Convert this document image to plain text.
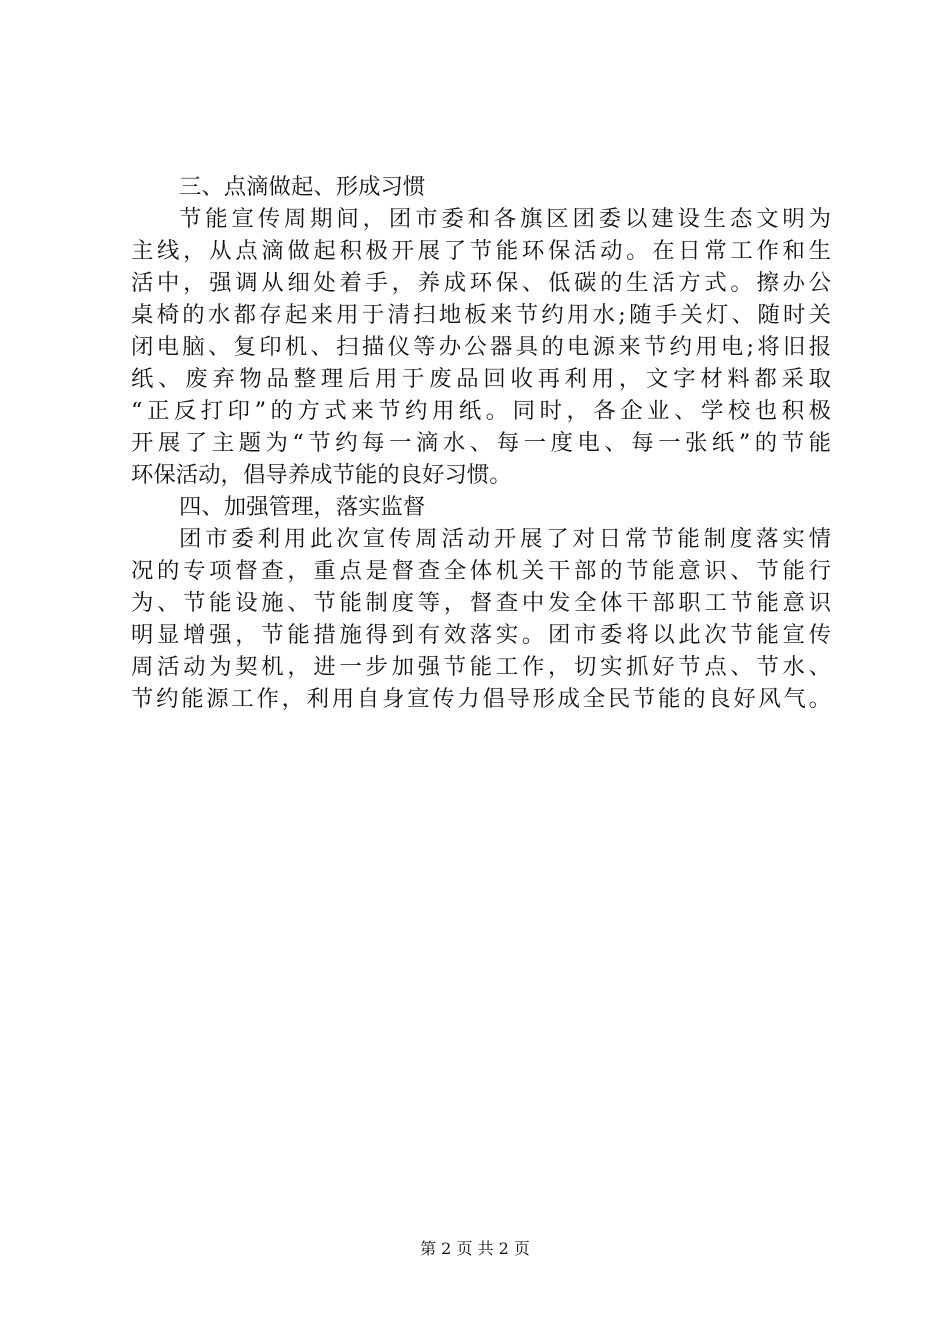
三、点滴做起、形成习惯
节能宣传周期间，团市委和各旗区团委以建设生态文明为
主线，从点滴做起积极开展了节能环保活动。在日常工作和生
活中，强调从细处着手，养成环保、低碳的生活方式。擦办公
桌椅的水都存起来用于清扫地板来节约用水;随手关灯、随时关
闭电脑、复印机、扫描仪等办公器具的电源来节约用电;将旧报
纸、废弃物品整理后用于废品回收再利用，文字材料都采取
“正反打印”的方式来节约用纸。同时，各企业、学校也积极
开展了主题为“节约每一滴水、每一度电、每一张纸”的节能
环保活动，倡导养成节能的良好习惯。
四、加强管理，落实监督
团市委利用此次宣传周活动开展了对日常节能制度落实情
况的专项督查，重点是督查全体机关干部的节能意识、节能行
为、节能设施、节能制度等，督查中发全体干部职工节能意识
明显增强，节能措施得到有效落实。团市委将以此次节能宣传
周活动为契机，进一步加强节能工作，切实抓好节点、节水、
节约能源工作，利用自身宣传力倡导形成全民节能的良好风气。
第 2 页 共 2 页
